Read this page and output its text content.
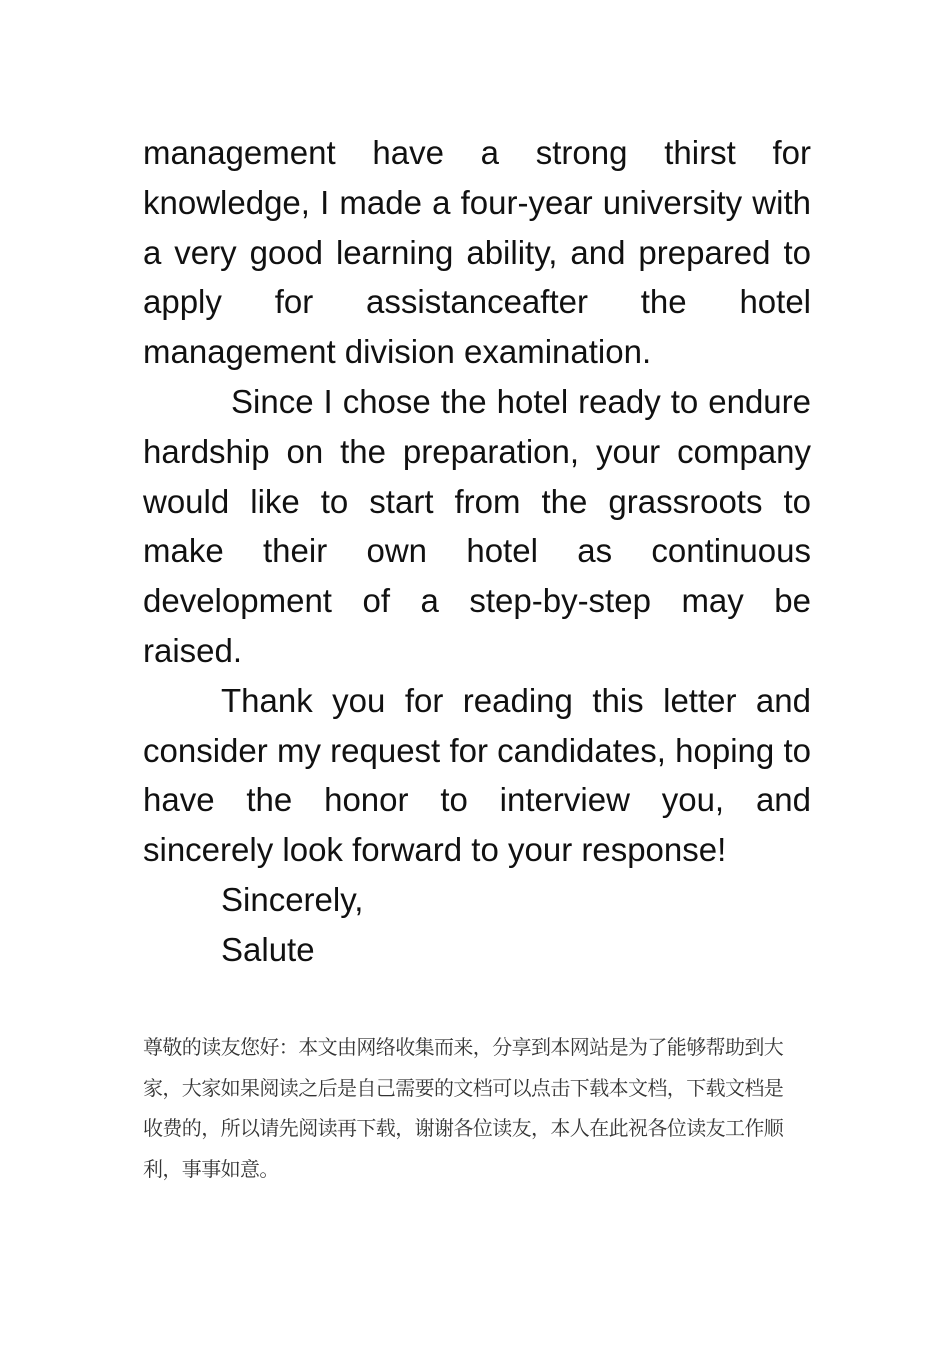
management have a strong thirst for knowledge, I made a four-year university with a very good learning ability, and prepared to apply for assistanceafter the hotel management division examination.

Since I chose the hotel ready to endure hardship on the preparation, your company would like to start from the grassroots to make their own hotel as continuous development of a step-by-step may be raised.

Thank you for reading this letter and consider my request for candidates, hoping to have the honor to interview you, and sincerely look forward to your response!

Sincerely,

Salute

尊敬的读友您好：本文由网络收集而来，分享到本网站是为了能够帮助到大家，大家如果阅读之后是自己需要的文档可以点击下载本文档，下载文档是收费的，所以请先阅读再下载，谢谢各位读友，本人在此祝各位读友工作顺利，事事如意。
